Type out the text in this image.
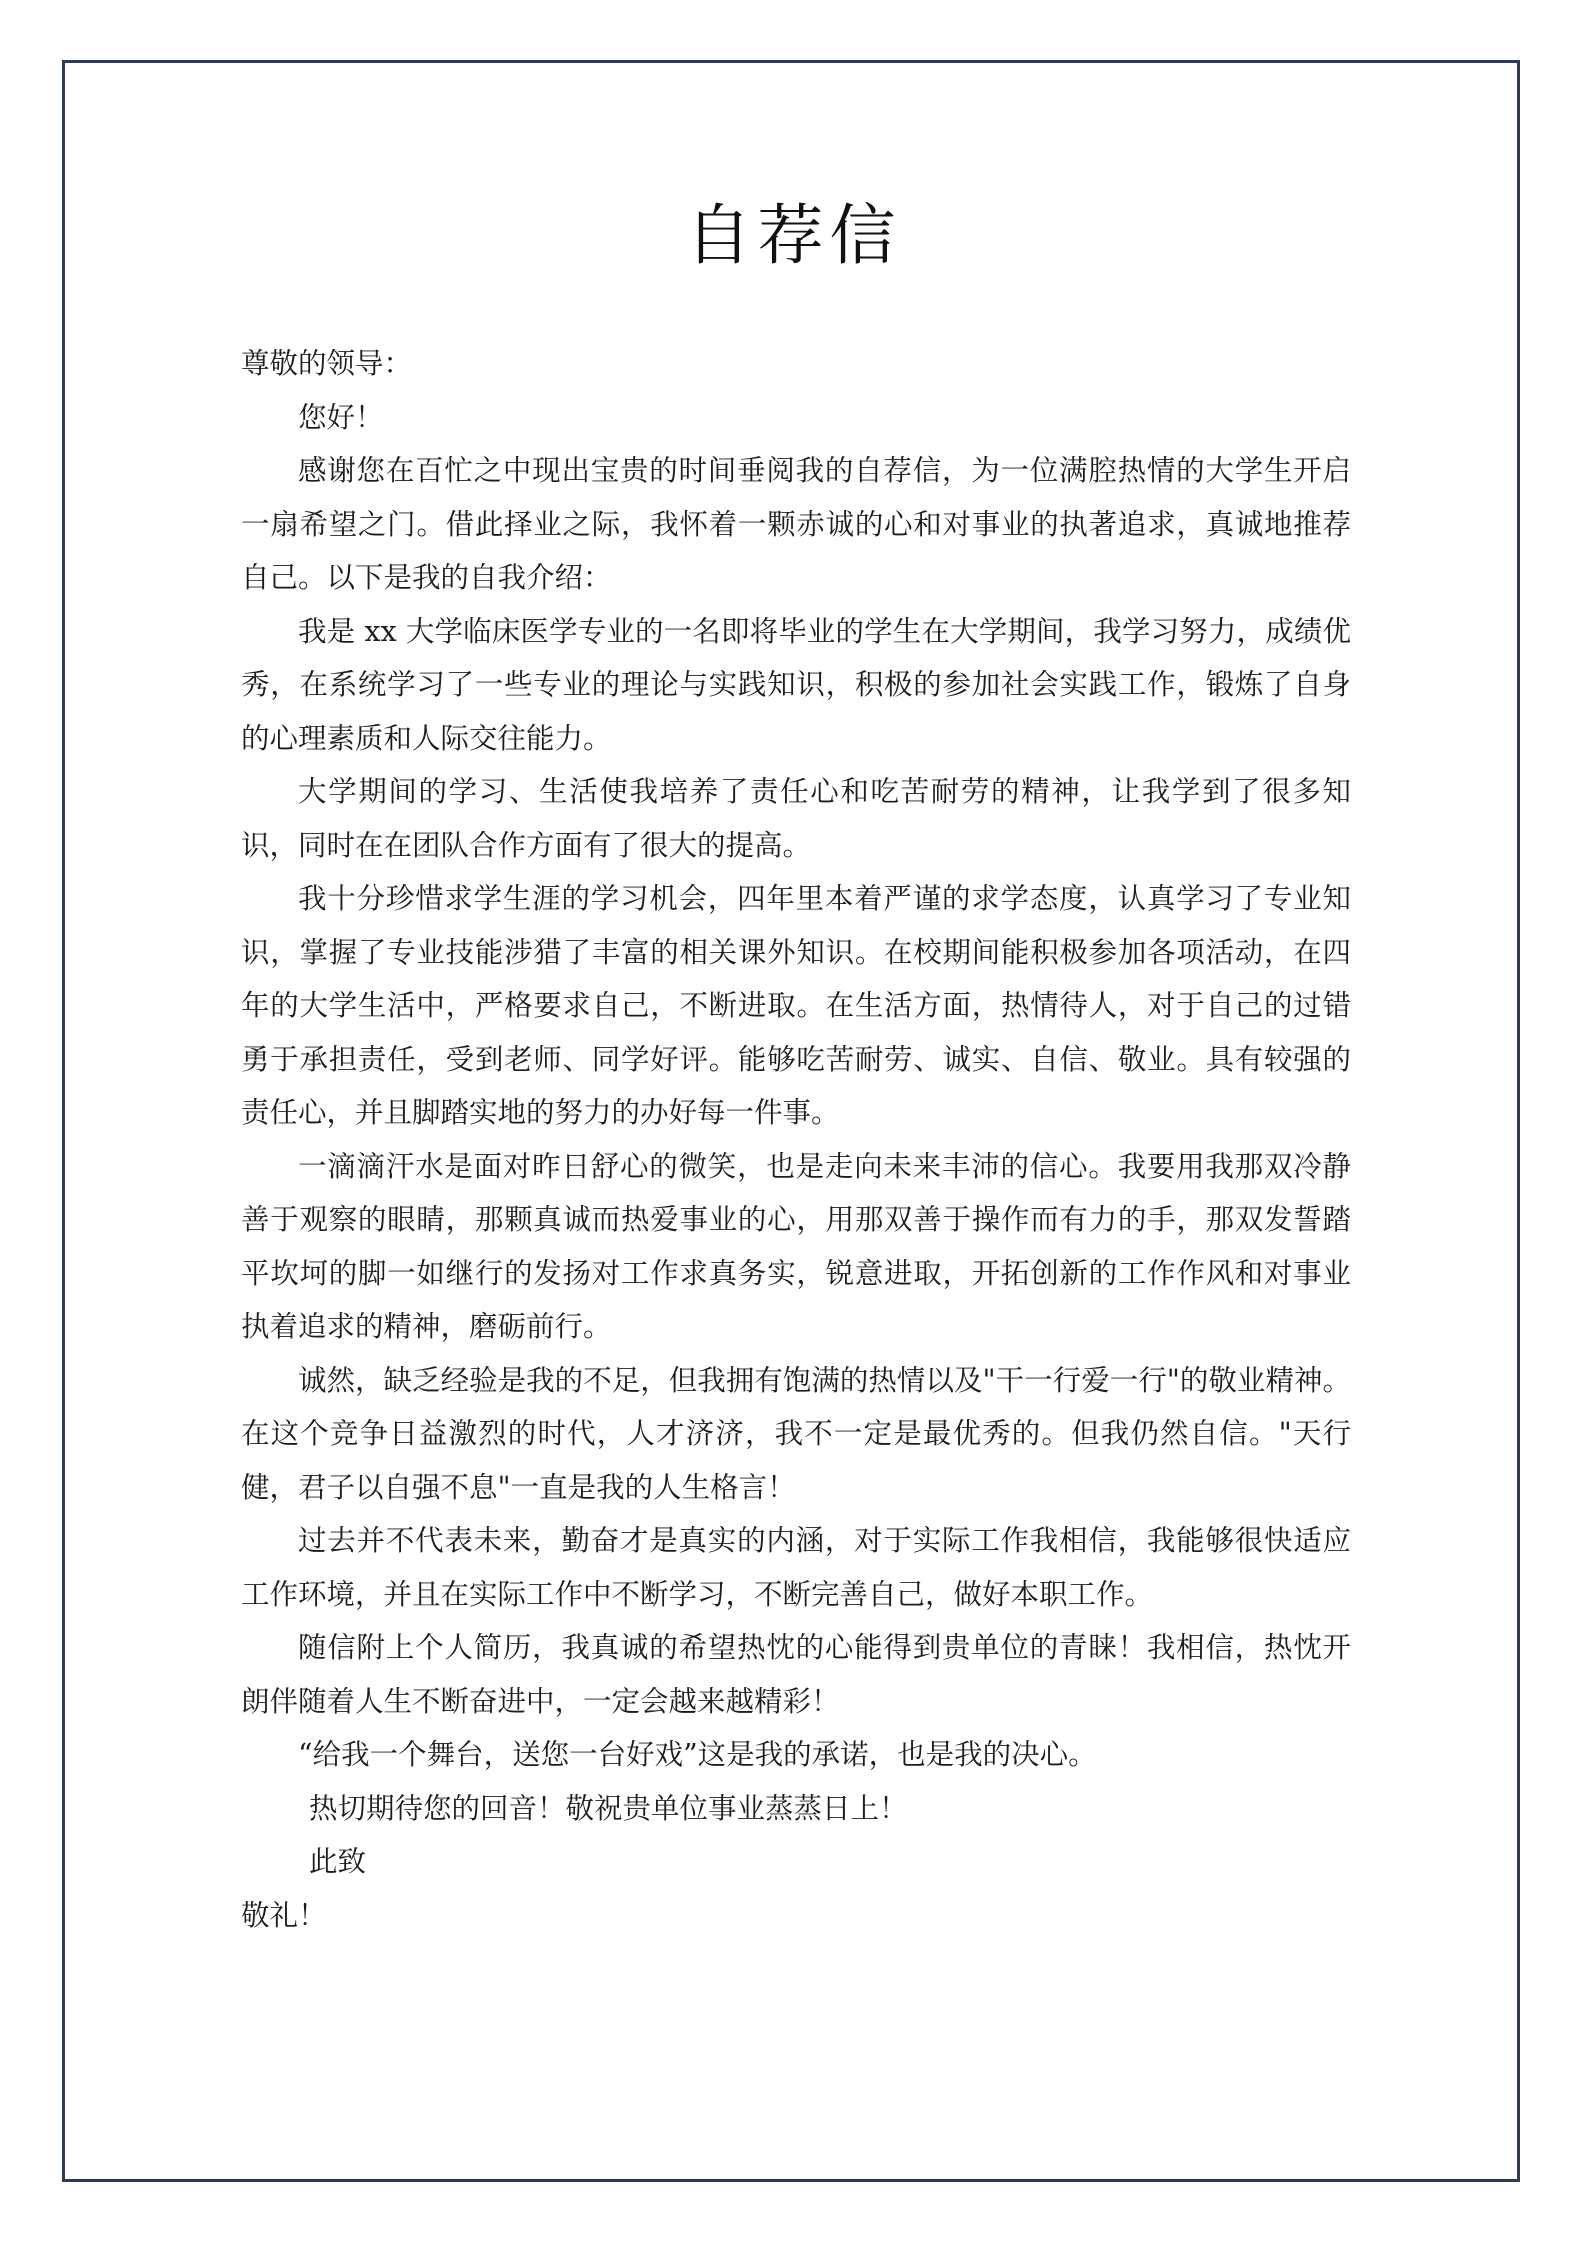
自荐信

尊敬的领导：

您好！

感谢您在百忙之中现出宝贵的时间垂阅我的自荐信，为一位满腔热情的大学生开启一扇希望之门。借此择业之际，我怀着一颗赤诚的心和对事业的执著追求，真诚地推荐自己。以下是我的自我介绍：

我是 xx 大学临床医学专业的一名即将毕业的学生在大学期间，我学习努力，成绩优秀，在系统学习了一些专业的理论与实践知识，积极的参加社会实践工作，锻炼了自身的心理素质和人际交往能力。

大学期间的学习、生活使我培养了责任心和吃苦耐劳的精神，让我学到了很多知识，同时在在团队合作方面有了很大的提高。

我十分珍惜求学生涯的学习机会，四年里本着严谨的求学态度，认真学习了专业知识，掌握了专业技能涉猎了丰富的相关课外知识。在校期间能积极参加各项活动，在四年的大学生活中，严格要求自己，不断进取。在生活方面，热情待人，对于自己的过错勇于承担责任，受到老师、同学好评。能够吃苦耐劳、诚实、自信、敬业。具有较强的责任心，并且脚踏实地的努力的办好每一件事。

一滴滴汗水是面对昨日舒心的微笑，也是走向未来丰沛的信心。我要用我那双冷静善于观察的眼睛，那颗真诚而热爱事业的心，用那双善于操作而有力的手，那双发誓踏平坎坷的脚一如继行的发扬对工作求真务实，锐意进取，开拓创新的工作作风和对事业执着追求的精神，磨砺前行。

诚然，缺乏经验是我的不足，但我拥有饱满的热情以及"干一行爱一行"的敬业精神。在这个竞争日益激烈的时代，人才济济，我不一定是最优秀的。但我仍然自信。"天行健，君子以自强不息"一直是我的人生格言！

过去并不代表未来，勤奋才是真实的内涵，对于实际工作我相信，我能够很快适应工作环境，并且在实际工作中不断学习，不断完善自己，做好本职工作。

随信附上个人简历，我真诚的希望热忱的心能得到贵单位的青睐！我相信，热忱开朗伴随着人生不断奋进中，一定会越来越精彩！

“给我一个舞台，送您一台好戏”这是我的承诺，也是我的决心。

热切期待您的回音！敬祝贵单位事业蒸蒸日上！

此致

敬礼！
